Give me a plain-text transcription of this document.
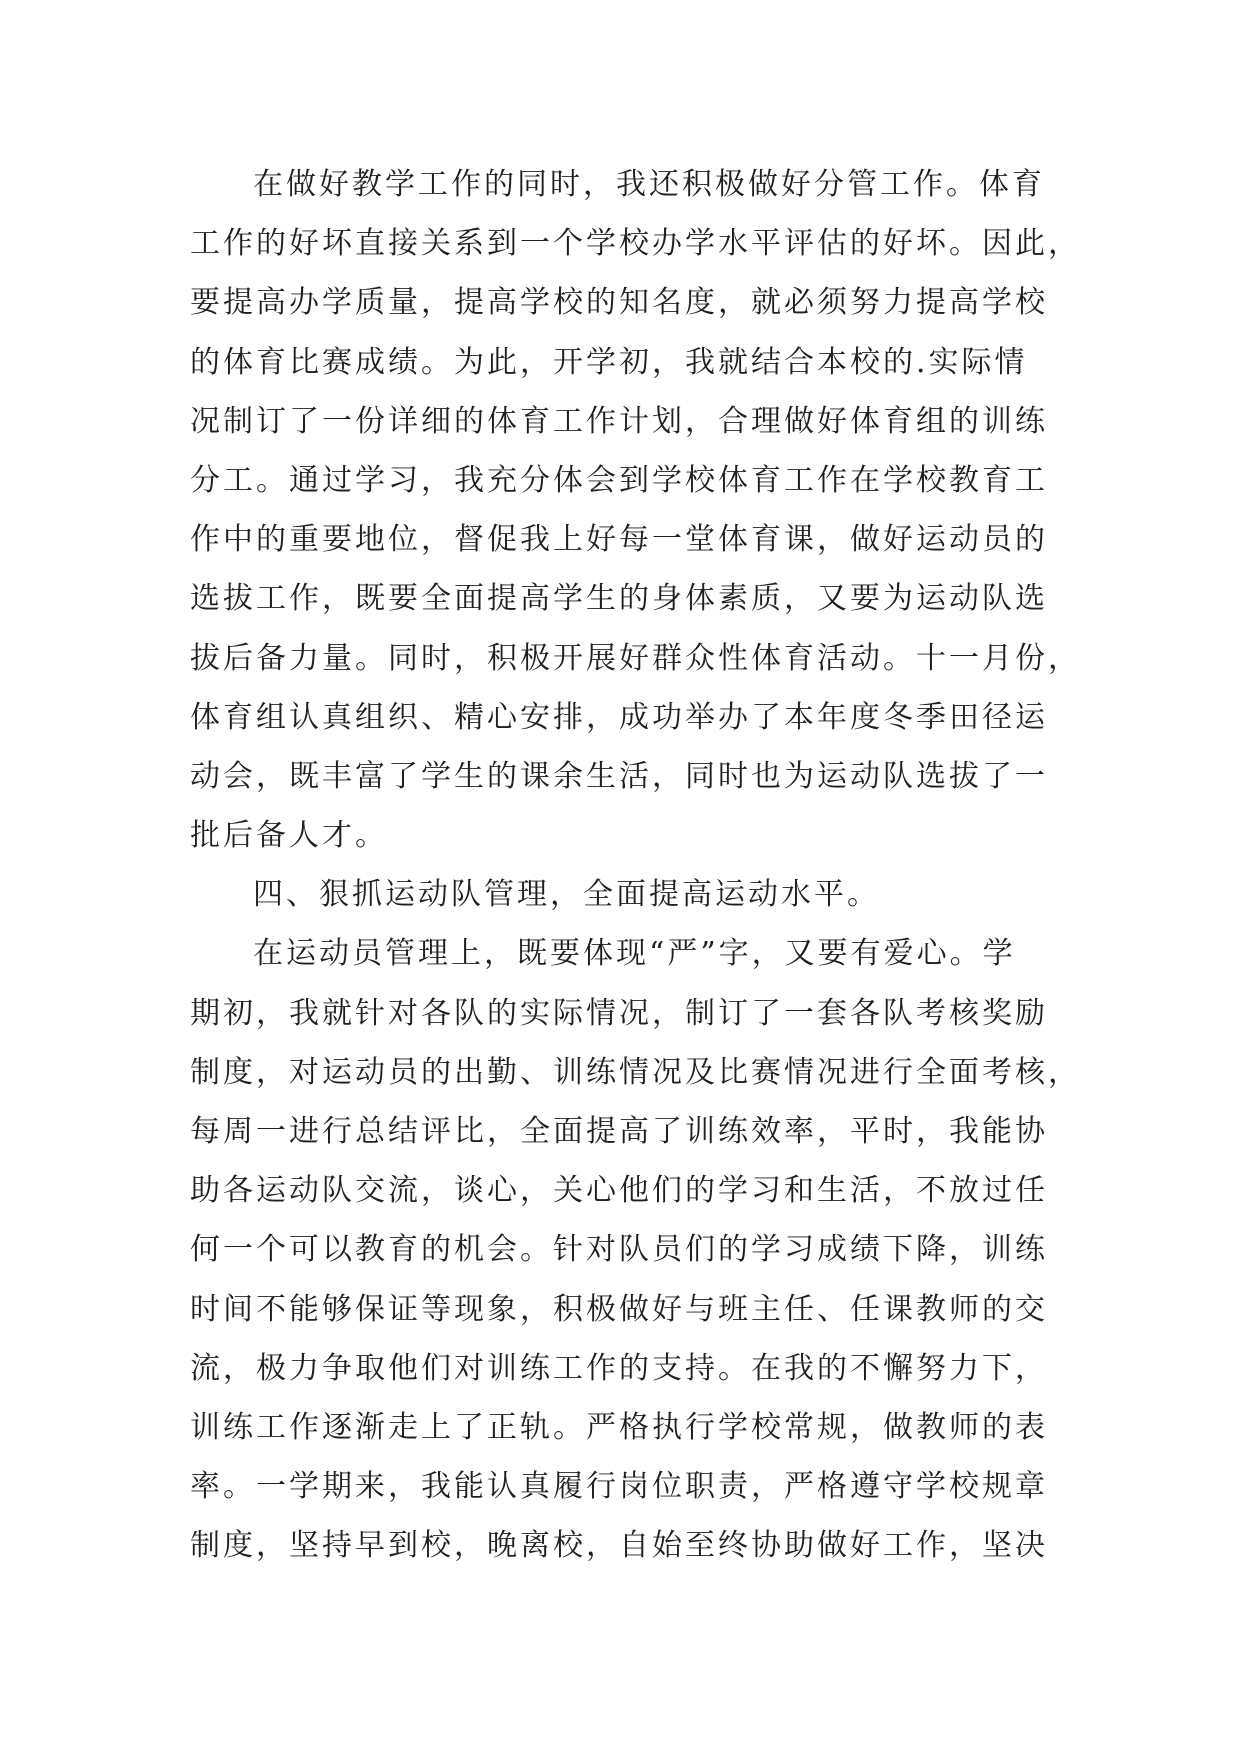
在做好教学工作的同时，我还积极做好分管工作。体育
工作的好坏直接关系到一个学校办学水平评估的好坏。因此，
要提高办学质量，提高学校的知名度，就必须努力提高学校
的体育比赛成绩。为此，开学初，我就结合本校的.实际情
况制订了一份详细的体育工作计划，合理做好体育组的训练
分工。通过学习，我充分体会到学校体育工作在学校教育工
作中的重要地位，督促我上好每一堂体育课，做好运动员的
选拔工作，既要全面提高学生的身体素质，又要为运动队选
拔后备力量。同时，积极开展好群众性体育活动。十一月份，
体育组认真组织、精心安排，成功举办了本年度冬季田径运
动会，既丰富了学生的课余生活，同时也为运动队选拔了一
批后备人才。
四、狠抓运动队管理，全面提高运动水平。
在运动员管理上，既要体现“严”字，又要有爱心。学
期初，我就针对各队的实际情况，制订了一套各队考核奖励
制度，对运动员的出勤、训练情况及比赛情况进行全面考核，
每周一进行总结评比，全面提高了训练效率，平时，我能协
助各运动队交流，谈心，关心他们的学习和生活，不放过任
何一个可以教育的机会。针对队员们的学习成绩下降，训练
时间不能够保证等现象，积极做好与班主任、任课教师的交
流，极力争取他们对训练工作的支持。在我的不懈努力下，
训练工作逐渐走上了正轨。严格执行学校常规，做教师的表
率。一学期来，我能认真履行岗位职责，严格遵守学校规章
制度，坚持早到校，晚离校，自始至终协助做好工作，坚决
